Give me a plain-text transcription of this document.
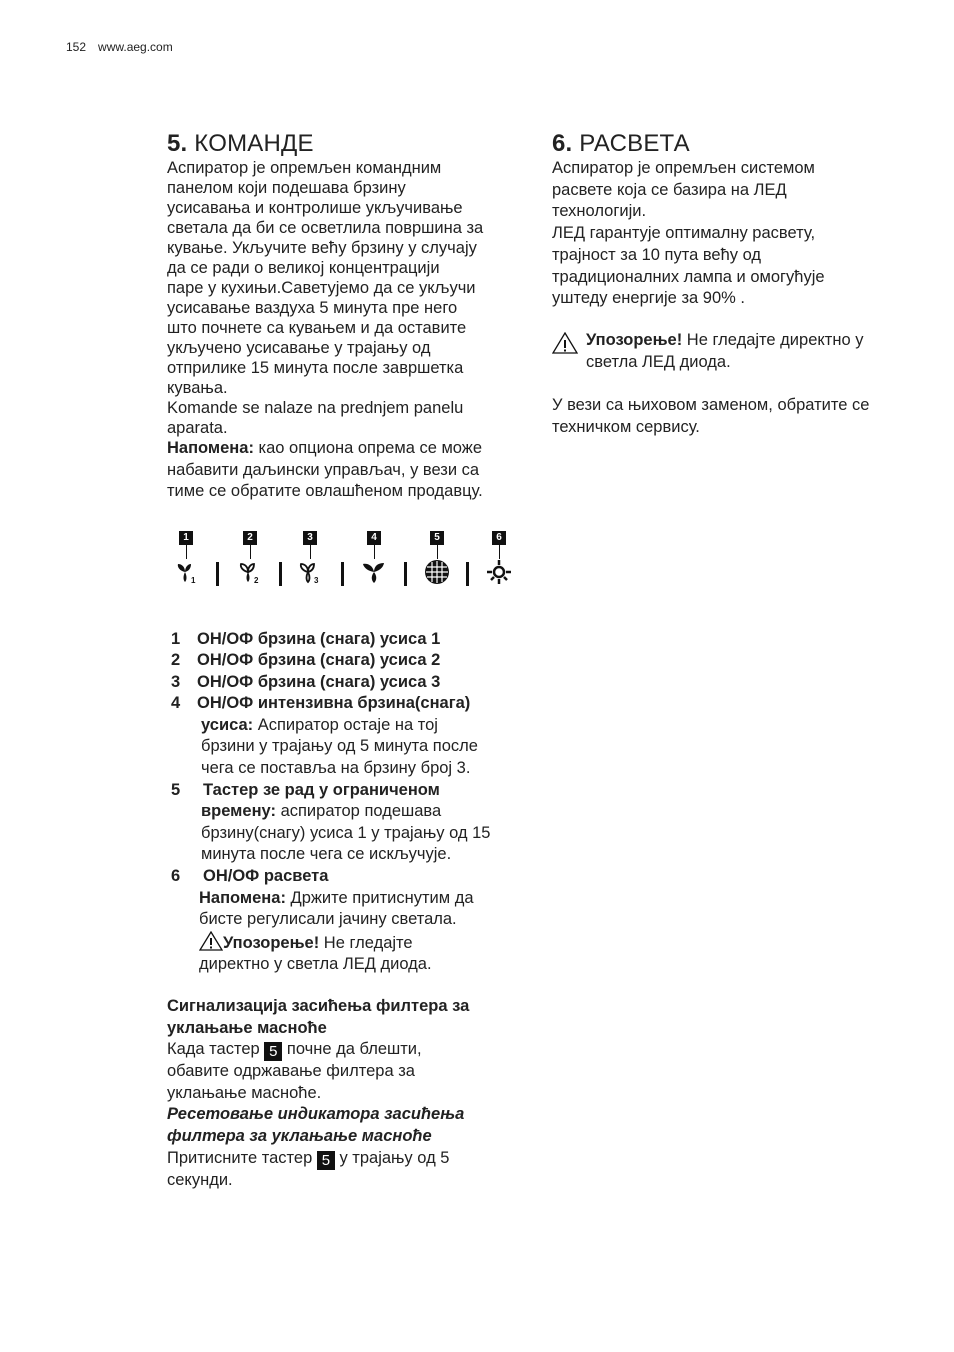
152 www.aeg.com
5. КОМАНДЕ

Аспиратор је опремљен командним
панелом који подешава брзину
усисавања и контролише укључивање
светала да би се осветлила површина за
кување. Укључите већу брзину у случају
да се ради о великој концентрацији
паре у кухињи.Саветујемо да се укључи
усисавање ваздуха 5 минута пре него
што почнете са кувањем и да оставите
укључено усисавање у трајању од
отприлике 15 минута после завршетка
кувања.

Komande se nalaze na prednjem panelu
aparata.

Напомена: као опциона опрема се може
набавити даљински управљач, у вези са
тиме се обратите овлашћеном продавцу.

1	2	3	4	5	6
1	2	3
1	ОН/ОФ брзина (снага) усиса 1
2	ОН/ОФ брзина (снага) усиса 2
3	ОН/ОФ брзина (снага) усиса 3
4	ОН/ОФ интензивна брзина(снага)
усиса: Аспиратор остаје на тој
брзини у трајању од 5 минута после
чега се поставља на брзину број 3.
5	Тастер зе рад у ограниченом
времену: аспиратор подешава
брзину(снагу) усиса 1 у трајању од 15
минута после чега се искључује.
6	ОН/ОФ расвета
Напомена: Држите притиснутим да
бисте регулисали јачину светала.
Упозорење! Не гледајте
директно у светла ЛЕД диода.
Сигнализација засићења филтера за
уклањање масноће

Када тастер 5 почне да блешти,
обавите одржавање филтера за
уклањање масноће.

Ресетовање индикатора засићења
филтера за уклањање масноће

Притисните тастер 5 у трајању од 5
секунди.

6. РАСВЕТА

Аспиратор је опремљен системом
расвете која се базира на ЛЕД
технологији.
ЛЕД гарантује оптималну расвету,
трајност за 10 пута већу од
традиционалних лампа и омогућује
уштеду енергије за 90% .

Упозорење! Не гледајте директно у
светла ЛЕД диода.

У вези са њиховом заменом, обратите се
техничком сервису.
